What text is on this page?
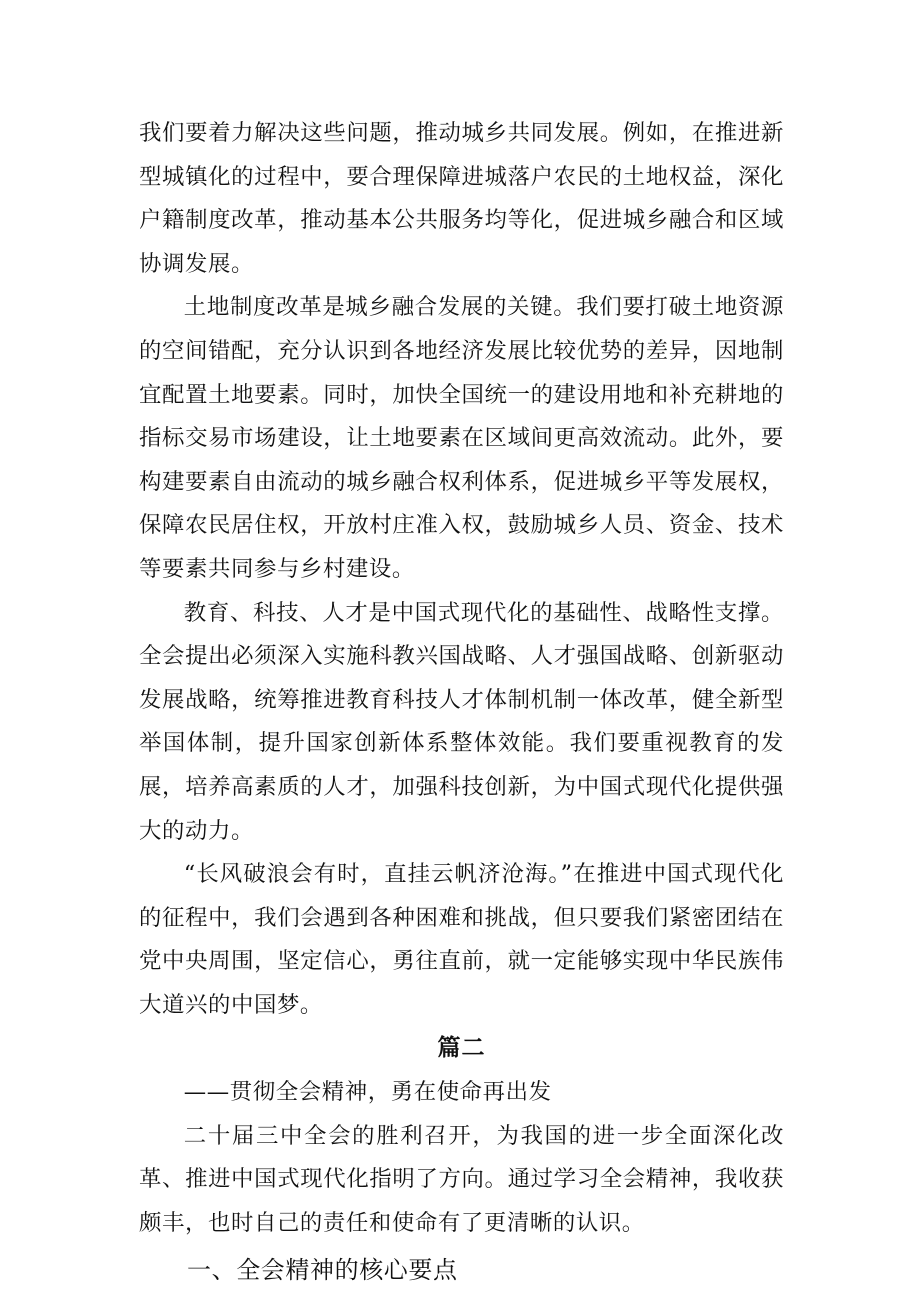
我们要着力解决这些问题，推动城乡共同发展。例如，在推进新型城镇化的过程中，要合理保障进城落户农民的土地权益，深化户籍制度改革，推动基本公共服务均等化，促进城乡融合和区域协调发展。

土地制度改革是城乡融合发展的关键。我们要打破土地资源的空间错配，充分认识到各地经济发展比较优势的差异，因地制宜配置土地要素。同时，加快全国统一的建设用地和补充耕地的指标交易市场建设，让土地要素在区域间更高效流动。此外，要构建要素自由流动的城乡融合权利体系，促进城乡平等发展权，保障农民居住权，开放村庄准入权，鼓励城乡人员、资金、技术等要素共同参与乡村建设。

教育、科技、人才是中国式现代化的基础性、战略性支撑。全会提出必须深入实施科教兴国战略、人才强国战略、创新驱动发展战略，统筹推进教育科技人才体制机制一体改革，健全新型举国体制，提升国家创新体系整体效能。我们要重视教育的发展，培养高素质的人才，加强科技创新，为中国式现代化提供强大的动力。

“长风破浪会有时，直挂云帆济沧海。”在推进中国式现代化的征程中，我们会遇到各种困难和挑战，但只要我们紧密团结在党中央周围，坚定信心，勇往直前，就一定能够实现中华民族伟大道兴的中国梦。

篇二

——贯彻全会精神，勇在使命再出发

二十届三中全会的胜利召开，为我国的进一步全面深化改革、推进中国式现代化指明了方向。通过学习全会精神，我收获颇丰，也时自己的责任和使命有了更清晰的认识。

一、全会精神的核心要点
